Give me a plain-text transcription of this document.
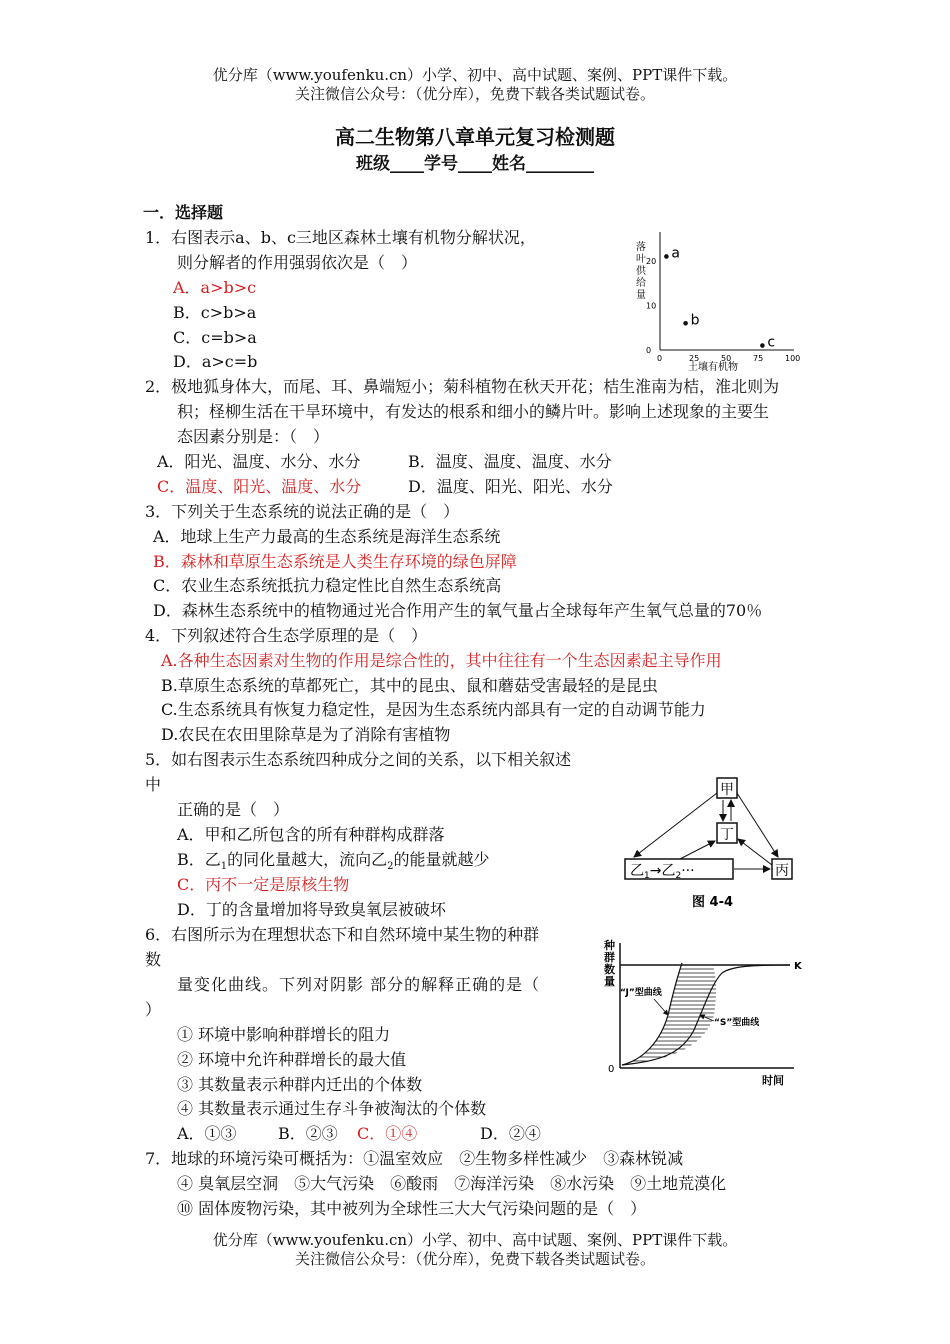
优分库（www.youfenku.cn）小学、初中、高中试题、案例、PPT课件下载。
关注微信公众号：（优分库），免费下载各类试题试卷。
高二生物第八章单元复习检测题
班级____学号____姓名________
一．选择题
1．右图表示a、b、c三地区森林土壤有机物分解状况，
则分解者的作用强弱依次是（　）
A．a>b>c
B．c>b>a
C．c=b>a
D．a>c=b
落叶供给量
20
10
0
0	25	50	75	100
a
b
c
土壤有机物
2．极地狐身体大，而尾、耳、鼻端短小；菊科植物在秋天开花；桔生淮南为桔，淮北则为
积；柽柳生活在干旱环境中，有发达的根系和细小的鳞片叶。影响上述现象的主要生
态因素分别是：（　）
A．阳光、温度、水分、水分	B．温度、温度、温度、水分
C．温度、阳光、温度、水分	D．温度、阳光、阳光、水分
3．下列关于生态系统的说法正确的是（　）
A．地球上生产力最高的生态系统是海洋生态系统
B．森林和草原生态系统是人类生存环境的绿色屏障
C．农业生态系统抵抗力稳定性比自然生态系统高
D．森林生态系统中的植物通过光合作用产生的氧气量占全球每年产生氧气总量的70％
4．下列叙述符合生态学原理的是（　）
A.各种生态因素对生物的作用是综合性的，其中往往有一个生态因素起主导作用
B.草原生态系统的草都死亡，其中的昆虫、鼠和蘑菇受害最轻的是昆虫
C.生态系统具有恢复力稳定性，是因为生态系统内部具有一定的自动调节能力
D.农民在农田里除草是为了消除有害植物
5．如右图表示生态系统四种成分之间的关系，以下相关叙述
中
正确的是（　）
A．甲和乙所包含的所有种群构成群落
B．乙$_1$的同化量越大，流向乙$_2$的能量就越少
C．丙不一定是原核生物
D．丁的含量增加将导致臭氧层被破坏
甲
丁
丙
乙$_1$→乙$_2$···
图 4-4
6．右图所示为在理想状态下和自然环境中某生物的种群
数
量变化曲线。下列对阴影 部分的解释正确的是（
）
① 环境中影响种群增长的阻力
② 环境中允许种群增长的最大值
③ 其数量表示种群内迁出的个体数
④ 其数量表示通过生存斗争被淘汰的个体数
A．①③	B．②③ C．①④	D．②④
种群数量
K
0
“J”型曲线
“S”型曲线
时间
7．地球的环境污染可概括为：①温室效应　②生物多样性减少　③森林锐减
④ 臭氧层空洞　⑤大气污染　⑥酸雨　⑦海洋污染　⑧水污染　⑨土地荒漠化
⑩ 固体废物污染，其中被列为全球性三大大气污染问题的是（　）
优分库（www.youfenku.cn）小学、初中、高中试题、案例、PPT课件下载。
关注微信公众号：（优分库），免费下载各类试题试卷。
